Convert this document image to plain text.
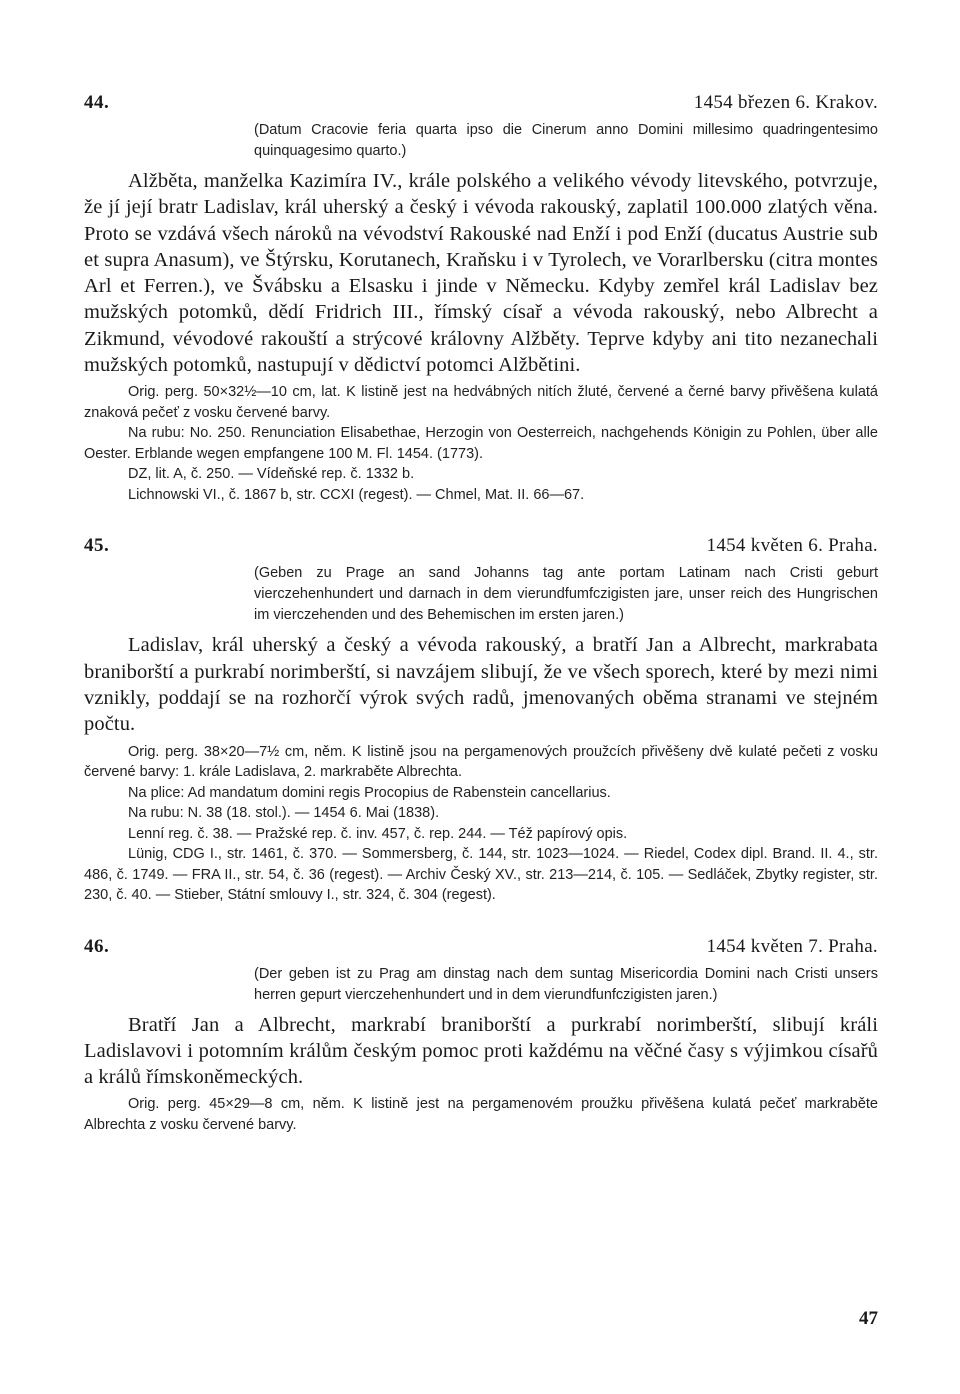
44.	1454 březen 6. Krakov.
(Datum Cracovie feria quarta ipso die Cinerum anno Domini millesimo quadringentesimo quinquagesimo quarto.)
Alžběta, manželka Kazimíra IV., krále polského a velikého vévody litevského, potvrzuje, že jí její bratr Ladislav, král uherský a český i vévoda rakouský, zaplatil 100.000 zlatých věna. Proto se vzdává všech nároků na vévodství Rakouské nad Enží i pod Enží (ducatus Austrie sub et supra Anasum), ve Štýrsku, Korutanech, Kraňsku i v Tyrolech, ve Vorarlbersku (citra montes Arl et Ferren.), ve Švábsku a Elsasku i jinde v Německu. Kdyby zemřel král Ladislav bez mužských potomků, dědí Fridrich III., římský císař a vévoda rakouský, nebo Albrecht a Zikmund, vévodové rakouští a strýcové královny Alžběty. Teprve kdyby ani tito nezanechali mužských potomků, nastupují v dědictví potomci Alžbětini.
Orig. perg. 50×32½—10 cm, lat. K listině jest na hedvábných nitích žluté, červené a černé barvy přivěšena kulatá znaková pečeť z vosku červené barvy.
Na rubu: No. 250. Renunciation Elisabethae, Herzogin von Oesterreich, nachgehends Königin zu Pohlen, über alle Oester. Erblande wegen empfangene 100 M. Fl. 1454. (1773).
DZ, lit. A, č. 250. — Vídeňské rep. č. 1332 b.
Lichnowski VI., č. 1867 b, str. CCXI (regest). — Chmel, Mat. II. 66—67.
45.	1454 květen 6. Praha.
(Geben zu Prage an sand Johanns tag ante portam Latinam nach Cristi geburt vierczehenhundert und darnach in dem vierundfumfczigisten jare, unser reich des Hungrischen im vierczehenden und des Behemischen im ersten jaren.)
Ladislav, král uherský a český a vévoda rakouský, a bratří Jan a Albrecht, markrabata braniborští a purkrabí norimberští, si navzájem slibují, že ve všech sporech, které by mezi nimi vznikly, poddají se na rozhorčí výrok svých radů, jmenovaných oběma stranami ve stejném počtu.
Orig. perg. 38×20—7½ cm, něm. K listině jsou na pergamenových proužcích přivěšeny dvě kulaté pečeti z vosku červené barvy: 1. krále Ladislava, 2. markraběte Albrechta.
Na plice: Ad mandatum domini regis Procopius de Rabenstein cancellarius.
Na rubu: N. 38 (18. stol.). — 1454 6. Mai (1838).
Lenní reg. č. 38. — Pražské rep. č. inv. 457, č. rep. 244. — Též papírový opis.
Lünig, CDG I., str. 1461, č. 370. — Sommersberg, č. 144, str. 1023—1024. — Riedel, Codex dipl. Brand. II. 4., str. 486, č. 1749. — FRA II., str. 54, č. 36 (regest). — Archiv Český XV., str. 213—214, č. 105. — Sedláček, Zbytky register, str. 230, č. 40. — Stieber, Státní smlouvy I., str. 324, č. 304 (regest).
46.	1454 květen 7. Praha.
(Der geben ist zu Prag am dinstag nach dem suntag Misericordia Domini nach Cristi unsers herren gepurt vierczehenhundert und in dem vierundfunfczigisten jaren.)
Bratří Jan a Albrecht, markrabí braniborští a purkrabí norimberští, slibují králi Ladislavovi i potomním králům českým pomoc proti každému na věčné časy s výjimkou císařů a králů římskoněmeckých.
Orig. perg. 45×29—8 cm, něm. K listině jest na pergamenovém proužku přivěšena kulatá pečeť markraběte Albrechta z vosku červené barvy.
47
